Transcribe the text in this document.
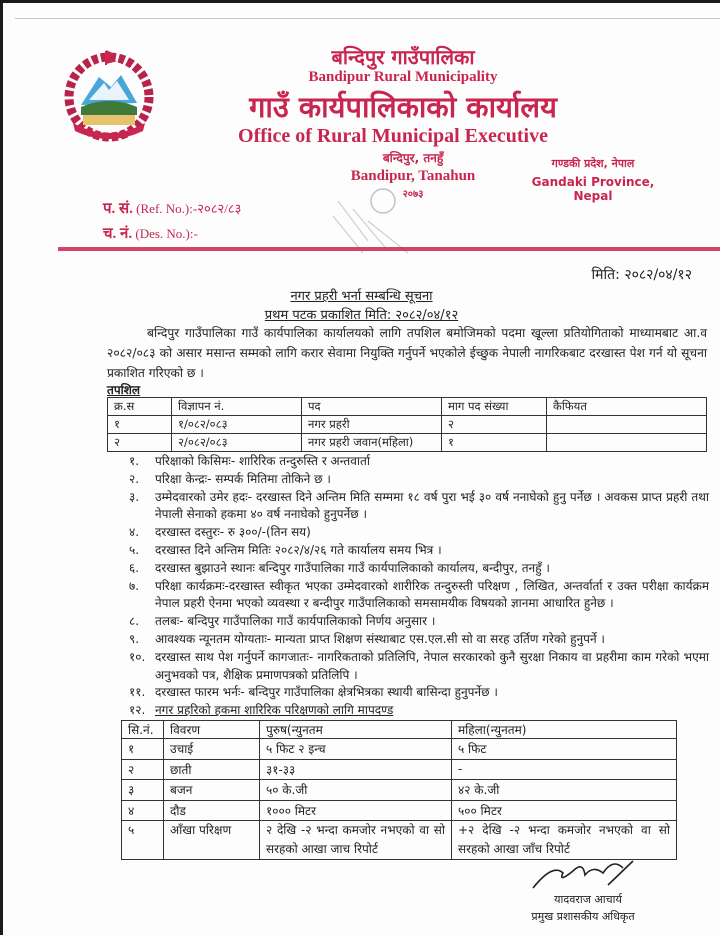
बन्दिपुर गाउँपालिका
Bandipur Rural Municipality
गाउँ कार्यपालिकाको कार्यालय
Office of Rural Municipal Executive
बन्दिपुर, तनहुँ
Bandipur, Tanahun
२०७३
गण्डकी प्रदेश, नेपाल
Gandaki Province, Nepal
प. सं. (Ref. No.):-२०८२/८३
च. नं. (Des. No.):-
मिति: २०८२/०४/१२
नगर प्रहरी भर्ना सम्बन्धि सूचना
प्रथम पटक प्रकाशित मिति: २०८२/०४/१२
बन्दिपुर गाउँपालिका गाउँ कार्यपालिका कार्यालयको लागि तपशिल बमोजिमको पदमा खूल्ला प्रतियोगिताको माध्यामबाट आ.व २०८२/०८३ को असार मसान्त सम्मको लागि करार सेवामा नियुक्ति गर्नुपर्ने भएकोले ईच्छुक नेपाली नागरिकबाट दरखास्त पेश गर्न यो सूचना प्रकाशित गरिएको छ ।
तपशिल
क्र.स	विज्ञापन नं.	पद	माग पद संख्या	कैफियत
१	१/०८२/०८३	नगर प्रहरी	२	
२	२/०८२/०८३	नगर प्रहरी जवान(महिला)	१	
१. परिक्षाको किसिमः- शारिरिक तन्दुरुस्ति र अन्तवार्ता
२. परिक्षा केन्द्रः- सम्पर्क मितिमा तोकिने छ ।
३. उम्मेदवारको उमेर हदः- दरखास्त दिने अन्तिम मिति सम्ममा १८ वर्ष पुरा भई ३० वर्ष ननाघेको हुनु पर्नेछ । अवकस प्राप्त प्रहरी तथा नेपाली सेनाको हकमा ४० वर्ष ननाघेको हुनुपर्नेछ ।
४. दरखास्त दस्तुरः- रु ३००/-(तिन सय)
५. दरखास्त दिने अन्तिम मितिः २०८२/४/२६ गते कार्यालय समय भित्र ।
६. दरखास्त बुझाउने स्थानः बन्दिपुर गाउँपालिका गाउँ कार्यपालिकाको कार्यालय, बन्दीपुर, तनहुँ ।
७. परिक्षा कार्यक्रमः-दरखास्त स्वीकृत भएका उम्मेदवारको शारीरिक तन्दुरुस्ती परिक्षण , लिखित, अन्तर्वार्ता र उक्त परीक्षा कार्यक्रम नेपाल प्रहरी ऐनमा भएको व्यवस्था र बन्दीपुर गाउँपालिकाको समसामयीक विषयको ज्ञानमा आधारित हुनेछ ।
८. तलबः- बन्दिपुर गाउँपालिका गाउँ कार्यपालिकाको निर्णय अनुसार ।
९. आवश्यक न्यूनतम योग्यताः- मान्यता प्राप्त शिक्षण संस्थाबाट एस.एल.सी सो वा सरह उर्तिण गरेको हुनुपर्ने ।
१०. दरखास्त साथ पेश गर्नुपर्ने कागजातः- नागरिकताको प्रतिलिपि, नेपाल सरकारको कुनै सुरक्षा निकाय वा प्रहरीमा काम गरेको भएमा अनुभवको पत्र, शैक्षिक प्रमाणपत्रको प्रतिलिपि ।
११. दरखास्त फारम भर्नः- बन्दिपुर गाउँपालिका क्षेत्रभित्रका स्थायी बासिन्दा हुनुपर्नेछ ।
१२. नगर प्रहरिको हकमा शारिरिक परिक्षणको लागि मापदण्ड
सि.नं.	विवरण	पुरुष(न्युनतम	महिला(न्युनतम)
१	उचाई	५ फिट २ इन्च	५ फिट
२	छाती	३१-३३	-
३	बजन	५० के.जी	४२ के.जी
४	दौड	१००० मिटर	५०० मिटर
५	आँखा परिक्षण	२ देखि -२ भन्दा कमजोर नभएको वा सो सरहको आखा जाच रिपोर्ट	+२ देखि -२ भन्दा कमजोर नभएको वा सो सरहको आखा जाँच रिपोर्ट
यादवराज आचार्य
प्रमुख प्रशासकीय अधिकृत
